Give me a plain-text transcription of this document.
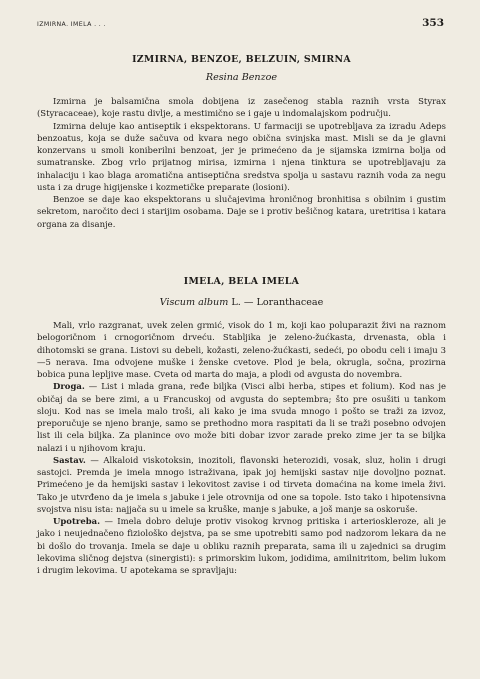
IZMIRNA. IMELA . . .	353
IZMIRNA, BENZOE, BELZUIN, SMIRNA
Resina Benzoe

Izmirna je balsamična smola dobijena iz zasečenog stabla raznih vrsta Styrax (Styracaceae), koje rastu divlje, a mestimično se i gaje u indomalajskom području.

Izmirna deluje kao antiseptik i ekspektorans. U farmaciji se upotrebljava za izradu Adeps benzoatus, koja se duže sačuva od kvara nego obična svinjska mast. Misli se da je glavni konzervans u smoli koniberilni benzoat, jer je primećeno da je sijamska izmirna bolja od sumatranske. Zbog vrlo prijatnog mirisa, izmirna i njena tinktura se upotrebljavaju za inhalaciju i kao blaga aromatična antiseptična sredstva spolja u sastavu raznih voda za negu usta i za druge higijenske i kozmetičke preparate (losioni).

Benzoe se daje kao ekspektorans u slučajevima hroničnog bronhitisa s obilnim i gustim sekretom, naročito deci i starijim osobama. Daje se i protiv bešičnog katara, uretritisa i katara organa za disanje.

IMELA, BELA IMELA
Viscum album L. — Loranthaceae

Mali, vrlo razgranat, uvek zelen grmić, visok do 1 m, koji kao poluparazit živi na raznom belogoričnom i crnogoričnom drveću. Stabljika je zeleno-žućkasta, drvenasta, obla i dihotomski se grana. Listovi su debeli, kožasti, zeleno-žućkasti, sedeći, po obodu celi i imaju 3—5 nerava. Ima odvojene muške i ženske cvetove. Plod je bela, okrugla, sočna, prozirna bobica puna lepljive mase. Cveta od marta do maja, a plodi od avgusta do novembra.

Droga. — List i mlada grana, ređe biljka (Visci albi herba, stipes et folium). Kod nas je običaj da se bere zimi, a u Francuskoj od avgusta do septembra; što pre osušiti u tankom sloju. Kod nas se imela malo troši, ali kako je ima svuda mnogo i pošto se traži za izvoz, preporučuje se njeno branje, samo se prethodno mora raspitati da li se traži posebno odvojen list ili cela biljka. Za planince ovo može biti dobar izvor zarade preko zime jer ta se biljka nalazi i u njihovom kraju.

Sastav. — Alkaloid viskotoksin, inozitoli, flavonski heterozidi, vosak, sluz, holin i drugi sastojci. Premda je imela mnogo istraživana, ipak joj hemijski sastav nije dovoljno poznat. Primećeno je da hemijski sastav i lekovitost zavise i od tirveta domaćina na kome imela živi. Tako je utvrđeno da je imela s jabuke i jele otrovnija od one sa topole. Isto tako i hipotensivna svojstva nisu ista: najjača su u imele sa kruške, manje s jabuke, a još manje sa oskoruše.

Upotreba. — Imela dobro deluje protiv visokog krvnog pritiska i arterioskleroze, ali je jako i neujednačeno fiziološko dejstva, pa se sme upotrebiti samo pod nadzorom lekara da ne bi došlo do trovanja. Imela se daje u obliku raznih preparata, sama ili u zajednici sa drugim lekovima sličnog dejstva (sinergisti): s primorskim lukom, jodidima, amilnitritom, belim lukom i drugim lekovima. U apotekama se spravljaju:
